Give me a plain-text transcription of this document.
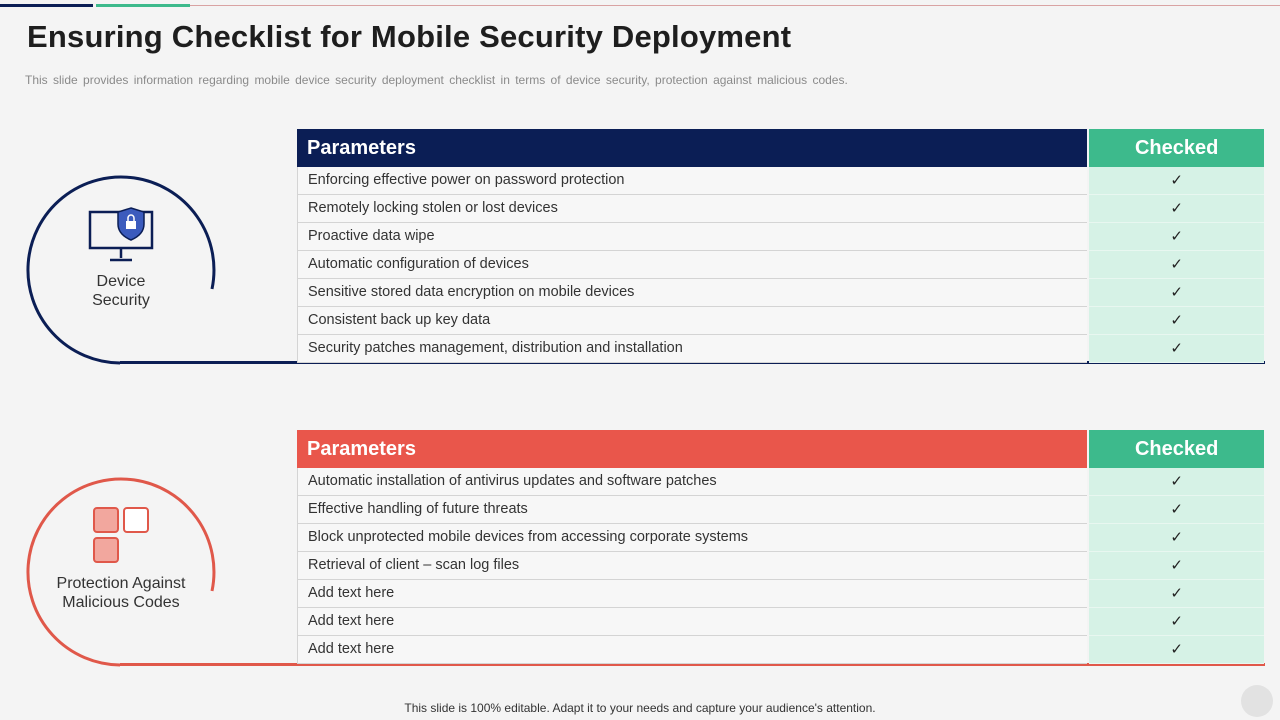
Ensuring Checklist for Mobile Security Deployment

This slide provides information regarding mobile device security deployment checklist in terms of device security, protection against malicious codes.

Device
Security
Parameters	Checked
Enforcing effective power on password protection	✓
Remotely locking stolen or lost devices	✓
Proactive data wipe	✓
Automatic configuration of devices	✓
Sensitive stored data encryption on mobile devices	✓
Consistent back up key data	✓
Security patches management, distribution and installation	✓
Protection Against
Malicious Codes
Parameters	Checked
Automatic installation of antivirus updates and software patches	✓
Effective handling of future threats	✓
Block unprotected mobile devices from accessing corporate systems	✓
Retrieval of client – scan log files	✓
Add text here	✓
Add text here	✓
Add text here	✓
This slide is 100% editable. Adapt it to your needs and capture your audience's attention.
